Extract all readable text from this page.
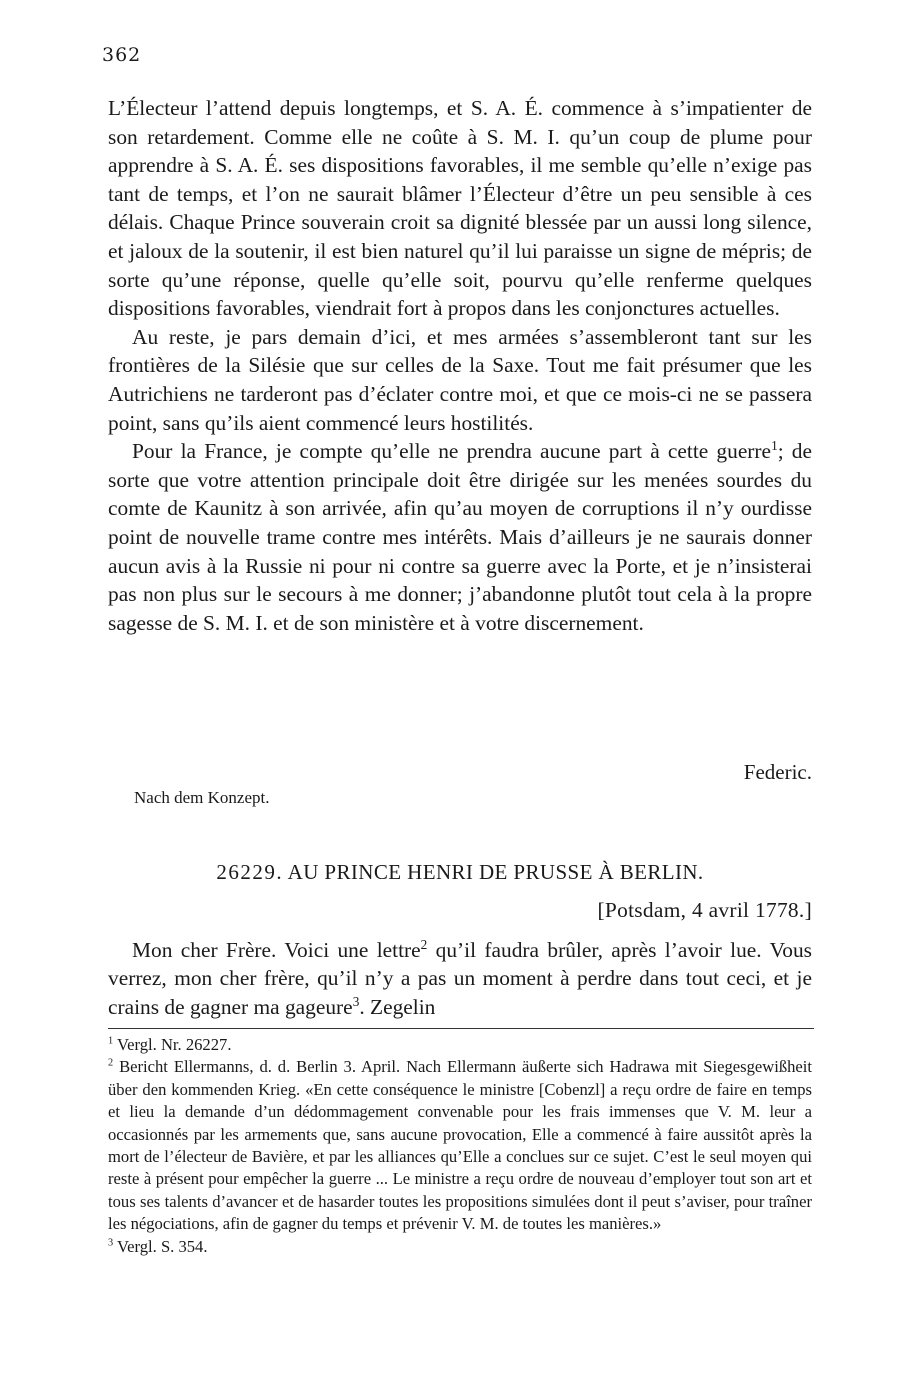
362

L’Électeur l’attend depuis longtemps, et S. A. É. commence à s’impatienter de son retardement. Comme elle ne coûte à S. M. I. qu’un coup de plume pour apprendre à S. A. É. ses dispositions favorables, il me semble qu’elle n’exige pas tant de temps, et l’on ne saurait blâmer l’Électeur d’être un peu sensible à ces délais. Chaque Prince souverain croit sa dignité blessée par un aussi long silence, et jaloux de la soutenir, il est bien naturel qu’il lui paraisse un signe de mépris; de sorte qu’une réponse, quelle qu’elle soit, pourvu qu’elle renferme quelques dispositions favorables, viendrait fort à propos dans les conjonctures actuelles.

Au reste, je pars demain d’ici, et mes armées s’assembleront tant sur les frontières de la Silésie que sur celles de la Saxe. Tout me fait présumer que les Autrichiens ne tarderont pas d’éclater contre moi, et que ce mois-ci ne se passera point, sans qu’ils aient commencé leurs hostilités.

Pour la France, je compte qu’elle ne prendra aucune part à cette guerre$^1$; de sorte que votre attention principale doit être dirigée sur les menées sourdes du comte de Kaunitz à son arrivée, afin qu’au moyen de corruptions il n’y ourdisse point de nouvelle trame contre mes intérêts. Mais d’ailleurs je ne saurais donner aucun avis à la Russie ni pour ni contre sa guerre avec la Porte, et je n’insisterai pas non plus sur le secours à me donner; j’abandonne plutôt tout cela à la propre sagesse de S. M. I. et de son ministère et à votre discernement.

Federic.
Nach dem Konzept.
26229. AU PRINCE HENRI DE PRUSSE À BERLIN.
[Potsdam, 4 avril 1778.]

Mon cher Frère. Voici une lettre$^2$ qu’il faudra brûler, après l’avoir lue. Vous verrez, mon cher frère, qu’il n’y a pas un moment à perdre dans tout ceci, et je crains de gagner ma gageure$^3$. Zegelin

$^1$ Vergl. Nr. 26227.

$^2$ Bericht Ellermanns, d. d. Berlin 3. April. Nach Ellermann äußerte sich Hadrawa mit Siegesgewißheit über den kommenden Krieg. «En cette conséquence le ministre [Cobenzl] a reçu ordre de faire en temps et lieu la demande d’un dédommagement convenable pour les frais immenses que V. M. leur a occasionnés par les armements que, sans aucune provocation, Elle a commencé à faire aussitôt après la mort de l’électeur de Bavière, et par les alliances qu’Elle a conclues sur ce sujet. C’est le seul moyen qui reste à présent pour empêcher la guerre ... Le ministre a reçu ordre de nouveau d’employer tout son art et tous ses talents d’avancer et de hasarder toutes les propositions simulées dont il peut s’aviser, pour traîner les négociations, afin de gagner du temps et prévenir V. M. de toutes les manières.»

$^3$ Vergl. S. 354.
